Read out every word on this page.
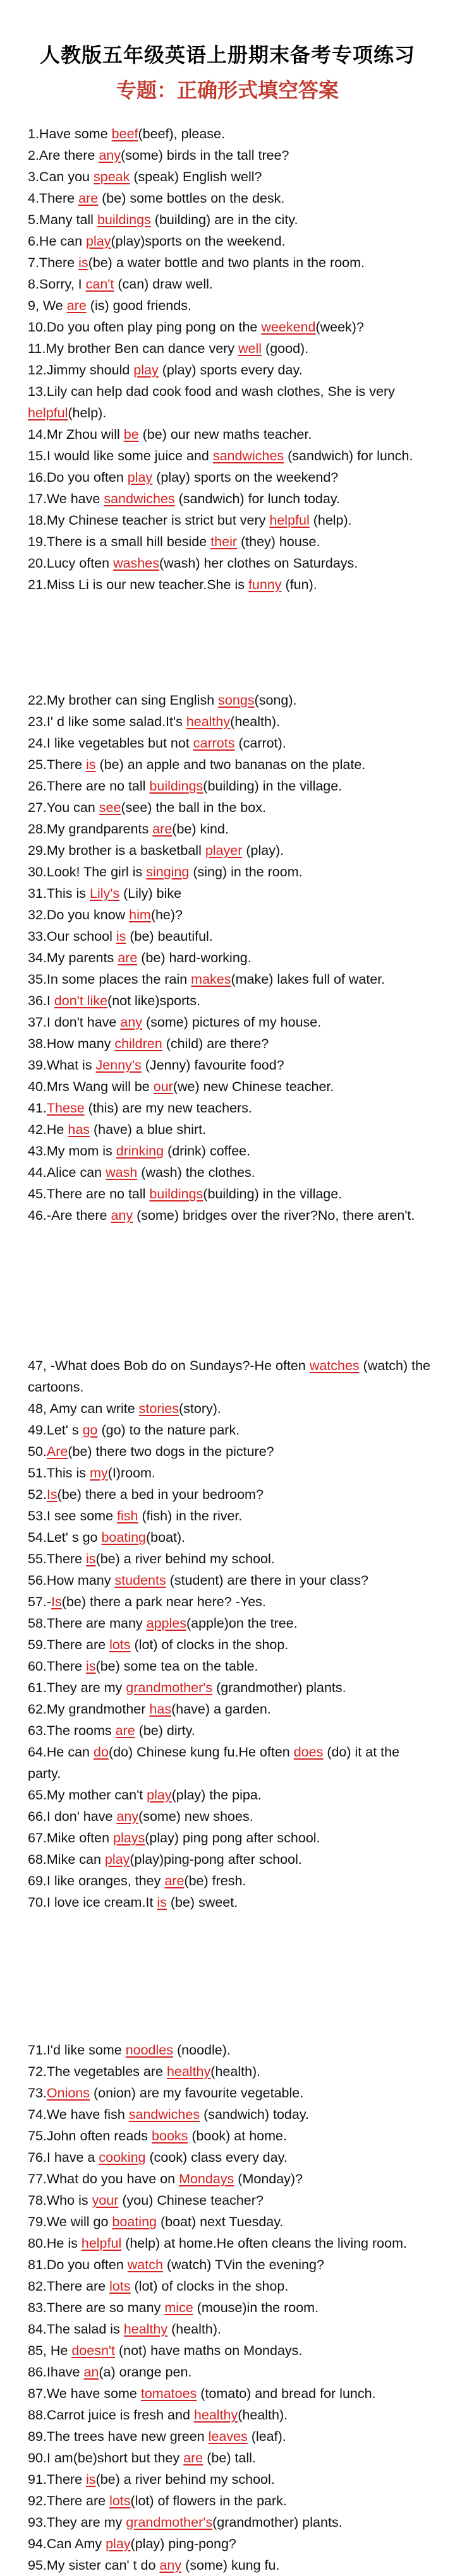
人教版五年级英语上册期末备考专项练习
专题：正确形式填空答案

1.Have some beef(beef), please.

2.Are there any(some) birds in the tall tree?

3.Can you speak (speak) English well?

4.There are (be) some bottles on the desk.

5.Many tall buildings (building) are in the city.

6.He can play(play)sports on the weekend.

7.There is(be) a water bottle and two plants in the room.

8.Sorry, I can't (can) draw well.

9, We are (is) good friends.

10.Do you often play ping pong on the weekend(week)?

11.My brother Ben can dance very well (good).

12.Jimmy should play (play) sports every day.

13.Lily can help dad cook food and wash clothes, She is very helpful(help).

14.Mr Zhou will be (be) our new maths teacher.

15.I would like some juice and sandwiches (sandwich) for lunch.

16.Do you often play (play) sports on the weekend?

17.We have sandwiches (sandwich) for lunch today.

18.My Chinese teacher is strict but very helpful (help).

19.There is a small hill beside their (they) house.

20.Lucy often washes(wash) her clothes on Saturdays.

21.Miss Li is our new teacher.She is funny (fun).

22.My brother can sing English songs(song).

23.I' d like some salad.It's healthy(health).

24.I like vegetables but not carrots (carrot).

25.There is (be) an apple and two bananas on the plate.

26.There are no tall buildings(building) in the village.

27.You can see(see) the ball in the box.

28.My grandparents are(be) kind.

29.My brother is a basketball player (play).

30.Look! The girl is singing (sing) in the room.

31.This is Lily's (Lily) bike

32.Do you know him(he)?

33.Our school is (be) beautiful.

34.My parents are (be) hard-working.

35.In some places the rain makes(make) lakes full of water.

36.I don't like(not like)sports.

37.I don't have any (some) pictures of my house.

38.How many children (child) are there?

39.What is Jenny's (Jenny) favourite food?

40.Mrs Wang will be our(we) new Chinese teacher.

41.These (this) are my new teachers.

42.He has (have) a blue shirt.

43.My mom is drinking (drink) coffee.

44.Alice can wash (wash) the clothes.

45.There are no tall buildings(building) in the village.

46.-Are there any (some) bridges over the river?No, there aren't.

47, -What does Bob do on Sundays?-He often watches (watch) the cartoons.

48, Amy can write stories(story).

49.Let' s go (go) to the nature park.

50.Are(be) there two dogs in the picture?

51.This is my(I)room.

52.Is(be) there a bed in your bedroom?

53.I see some fish (fish) in the river.

54.Let' s go boating(boat).

55.There is(be) a river behind my school.

56.How many students (student) are there in your class?

57.-Is(be) there a park near here? -Yes.

58.There are many apples(apple)on the tree.

59.There are lots (lot) of clocks in the shop.

60.There is(be) some tea on the table.

61.They are my grandmother's (grandmother) plants.

62.My grandmother has(have) a garden.

63.The rooms are (be) dirty.

64.He can do(do) Chinese kung fu.He often does (do) it at the party.

65.My mother can't play(play) the pipa.

66.I don' have any(some) new shoes.

67.Mike often plays(play) ping pong after school.

68.Mike can play(play)ping-pong after school.

69.I like oranges, they are(be) fresh.

70.I love ice cream.It is (be) sweet.

71.I'd like some noodles (noodle).

72.The vegetables are healthy(health).

73.Onions (onion) are my favourite vegetable.

74.We have fish sandwiches (sandwich) today.

75.John often reads books (book) at home.

76.I have a cooking (cook) class every day.

77.What do you have on Mondays (Monday)?

78.Who is your (you) Chinese teacher?

79.We will go boating (boat) next Tuesday.

80.He is helpful (help) at home.He often cleans the living room.

81.Do you often watch (watch) TVin the evening?

82.There are lots (lot) of clocks in the shop.

83.There are so many mice (mouse)in the room.

84.The salad is healthy (health).

85, He doesn't (not) have maths on Mondays.

86.Ihave an(a) orange pen.

87.We have some tomatoes (tomato) and bread for lunch.

88.Carrot juice is fresh and healthy(health).

89.The trees have new green leaves (leaf).

90.I am(be)short but they are (be) tall.

91.There is(be) a river behind my school.

92.There are lots(lot) of flowers in the park.

93.They are my grandmother's(grandmother) plants.

94.Can Amy play(play) ping-pong?

95.My sister can' t do any (some) kung fu.
